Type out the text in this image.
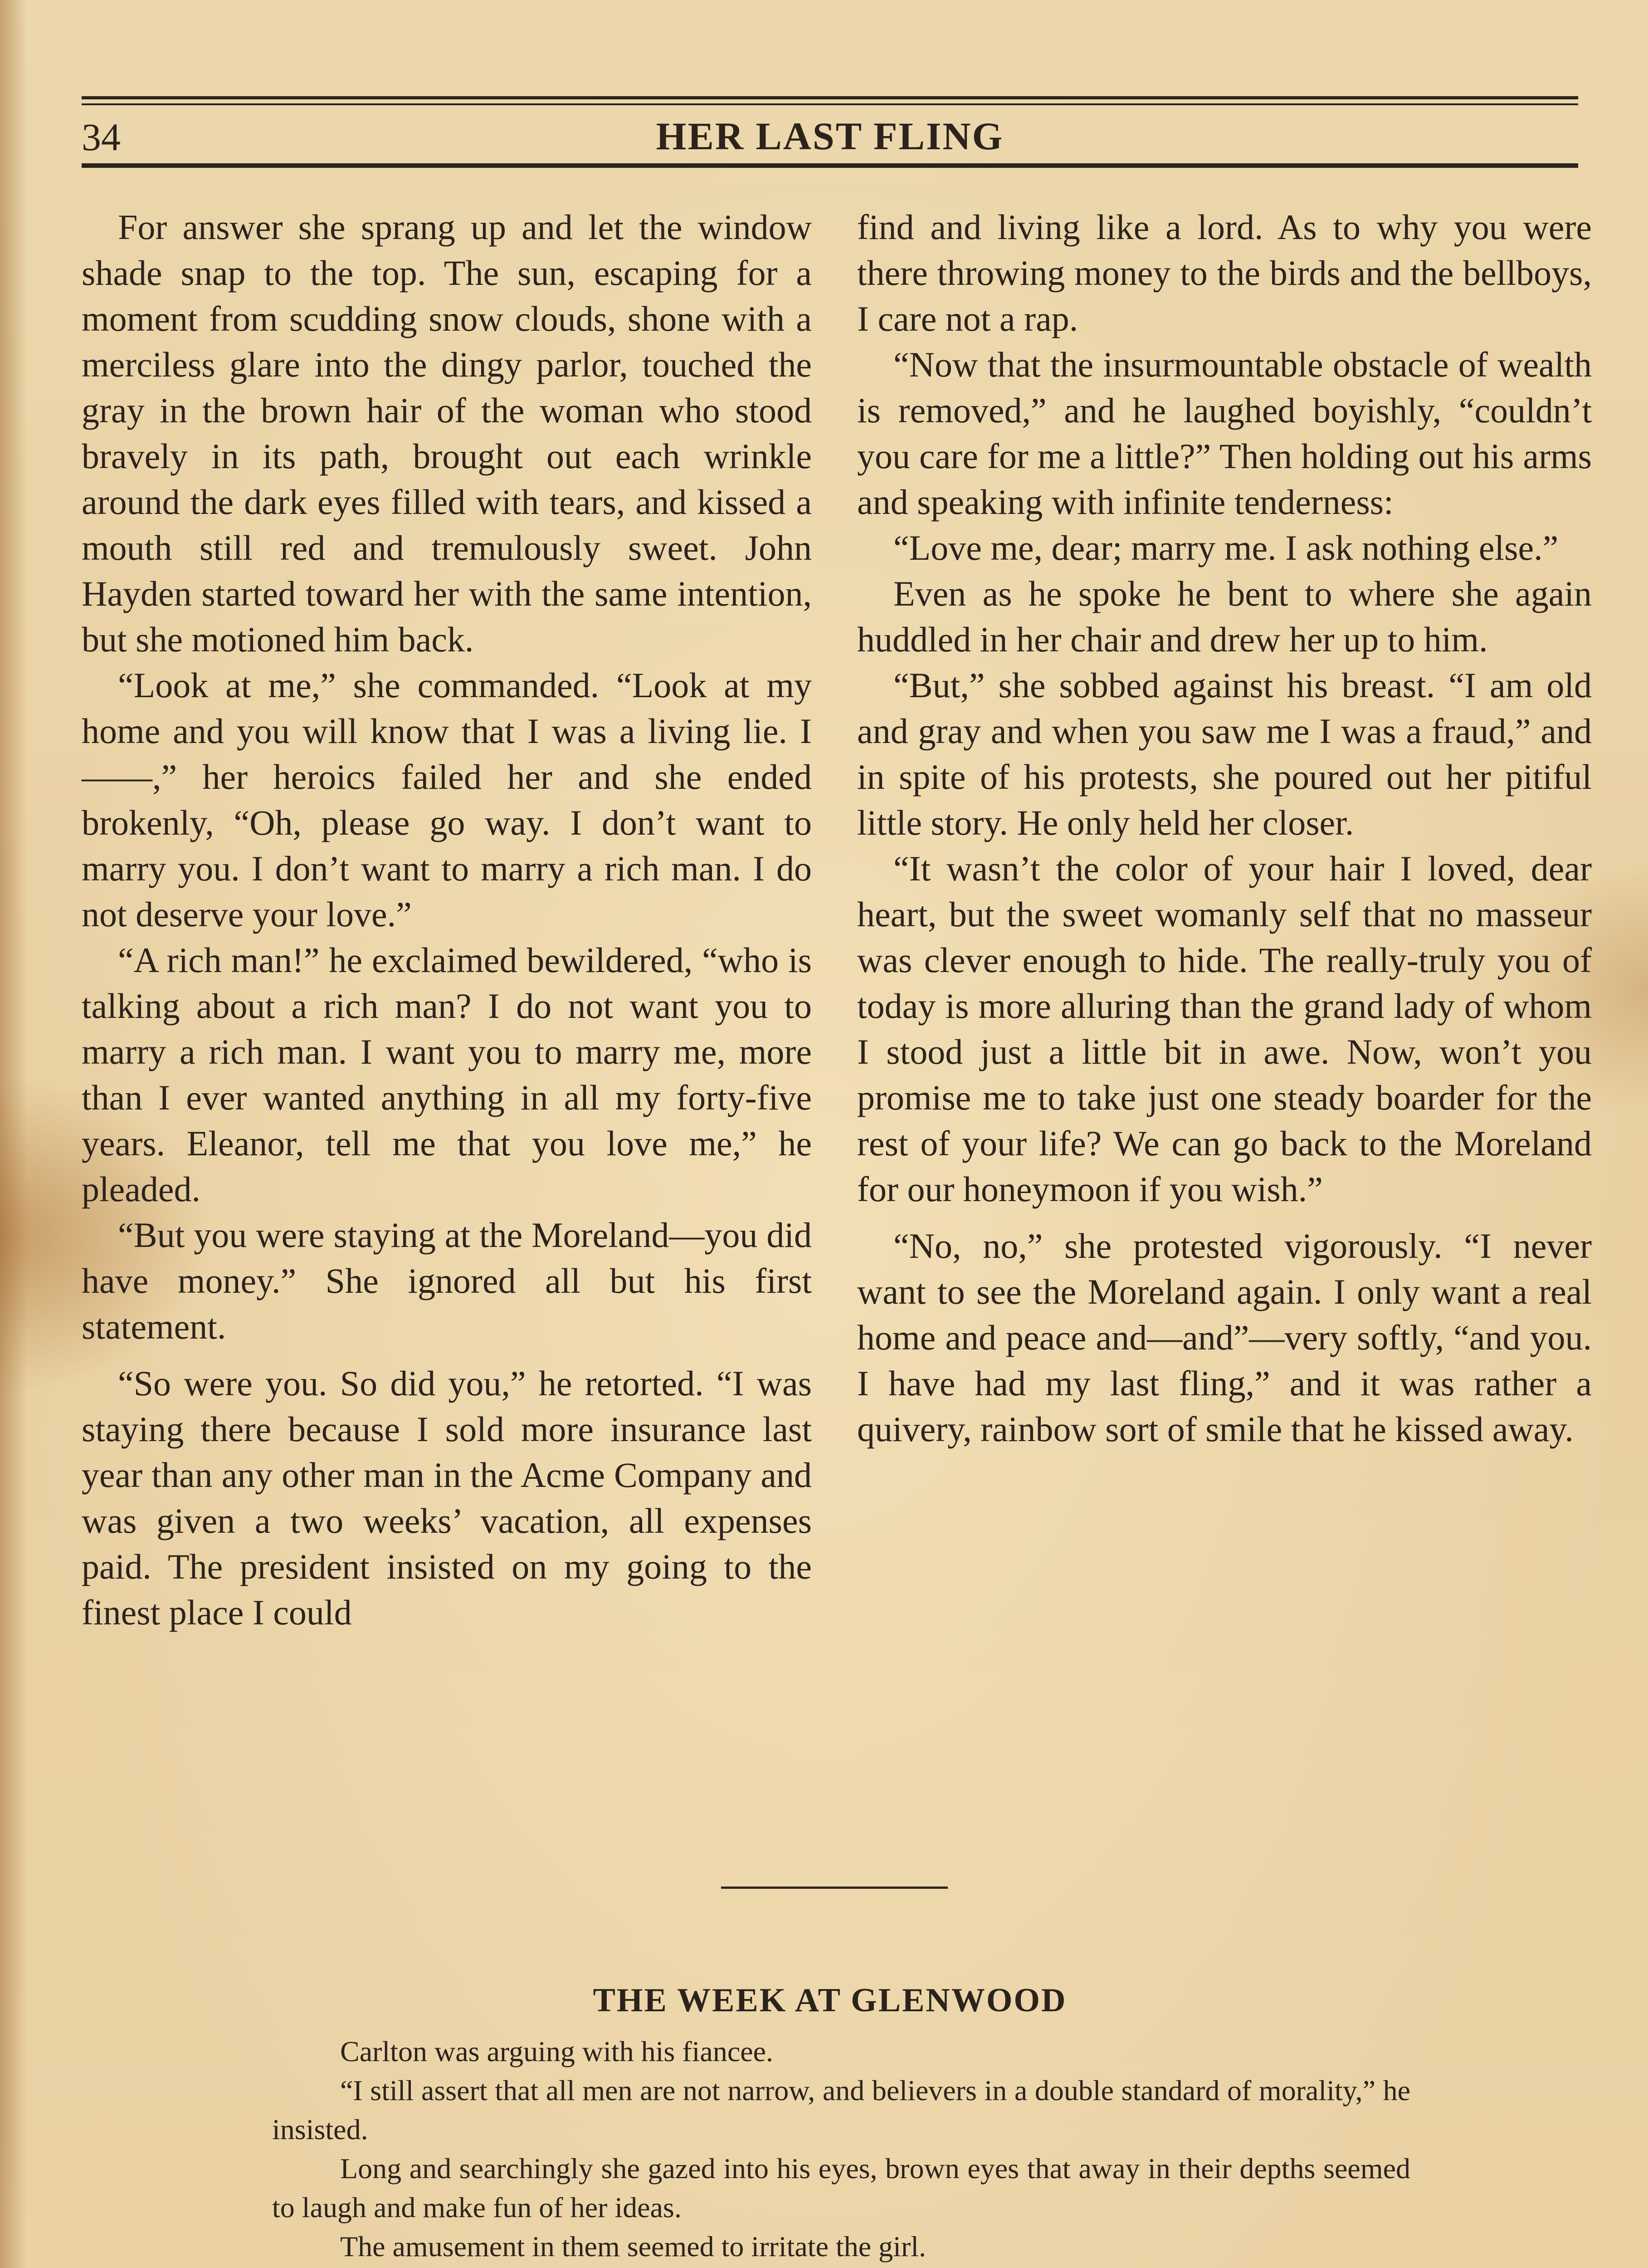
34	HER LAST FLING

For answer she sprang up and let the window shade snap to the top. The sun, escaping for a moment from scudding snow clouds, shone with a merciless glare into the dingy parlor, touched the gray in the brown hair of the woman who stood bravely in its path, brought out each wrinkle around the dark eyes filled with tears, and kissed a mouth still red and tremulously sweet. John Hayden started toward her with the same intention, but she motioned him back.

“Look at me,” she commanded. “Look at my home and you will know that I was a living lie. I——,” her heroics failed her and she ended brokenly, “Oh, please go way. I don’t want to marry you. I don’t want to marry a rich man. I do not deserve your love.”

“A rich man!” he exclaimed bewildered, “who is talking about a rich man? I do not want you to marry a rich man. I want you to marry me, more than I ever wanted anything in all my forty-five years. Eleanor, tell me that you love me,” he pleaded.

“But you were staying at the Moreland—you did have money.” She ignored all but his first statement.

“So were you. So did you,” he retorted. “I was staying there because I sold more insurance last year than any other man in the Acme Company and was given a two weeks’ vacation, all expenses paid. The president insisted on my going to the finest place I could

find and living like a lord. As to why you were there throwing money to the birds and the bellboys, I care not a rap.

“Now that the insurmountable obstacle of wealth is removed,” and he laughed boyishly, “couldn’t you care for me a little?” Then holding out his arms and speaking with infinite tenderness:

“Love me, dear; marry me. I ask nothing else.”

Even as he spoke he bent to where she again huddled in her chair and drew her up to him.

“But,” she sobbed against his breast. “I am old and gray and when you saw me I was a fraud,” and in spite of his protests, she poured out her pitiful little story. He only held her closer.

“It wasn’t the color of your hair I loved, dear heart, but the sweet womanly self that no masseur was clever enough to hide. The really-truly you of today is more alluring than the grand lady of whom I stood just a little bit in awe. Now, won’t you promise me to take just one steady boarder for the rest of your life? We can go back to the Moreland for our honeymoon if you wish.”

“No, no,” she protested vigorously. “I never want to see the Moreland again. I only want a real home and peace and—and”—very softly, “and you. I have had my last fling,” and it was rather a quivery, rainbow sort of smile that he kissed away.

THE WEEK AT GLENWOOD

Carlton was arguing with his fiancee.

“I still assert that all men are not narrow, and believers in a double standard of morality,” he insisted.

Long and searchingly she gazed into his eyes, brown eyes that away in their depths seemed to laugh and make fun of her ideas.

The amusement in them seemed to irritate the girl.
